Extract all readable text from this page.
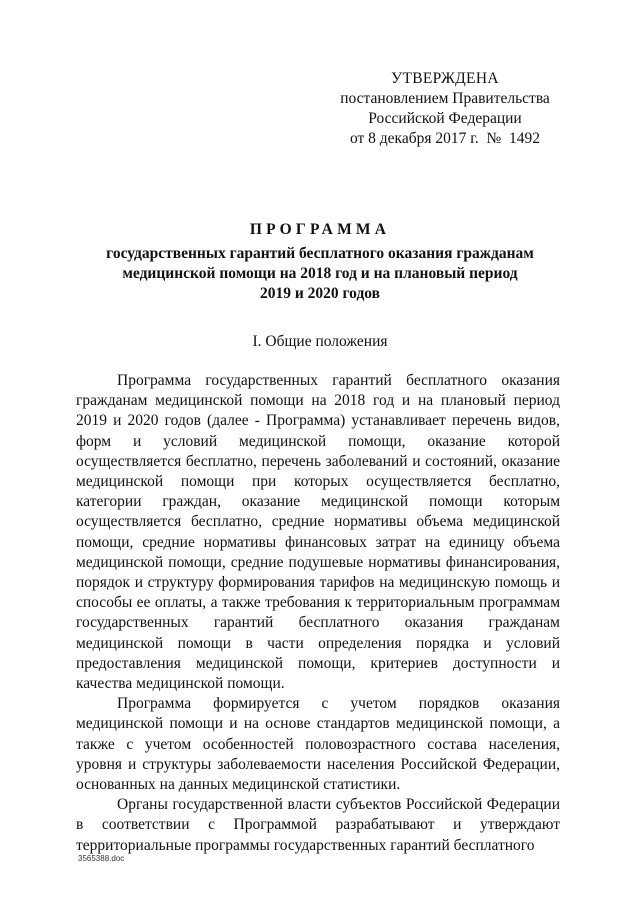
УТВЕРЖДЕНА
постановлением Правительства
Российской Федерации
от 8 декабря 2017 г.  №  1492
ПРОГРАММА
государственных гарантий бесплатного оказания гражданам
медицинской помощи на 2018 год и на плановый период
2019 и 2020 годов
I. Общие положения

Программа государственных гарантий бесплатного оказания гражданам медицинской помощи на 2018 год и на плановый период 2019 и 2020 годов (далее - Программа) устанавливает перечень видов, форм и условий медицинской помощи, оказание которой осуществляется бесплатно, перечень заболеваний и состояний, оказание медицинской помощи при которых осуществляется бесплатно, категории граждан, оказание медицинской помощи которым осуществляется бесплатно, средние нормативы объема медицинской помощи, средние нормативы финансовых затрат на единицу объема медицинской помощи, средние подушевые нормативы финансирования, порядок и структуру формирования тарифов на медицинскую помощь и способы ее оплаты, а также требования к территориальным программам государственных гарантий бесплатного оказания гражданам медицинской помощи в части определения порядка и условий предоставления медицинской помощи, критериев доступности и качества медицинской помощи.

Программа формируется с учетом порядков оказания медицинской помощи и на основе стандартов медицинской помощи, а также с учетом особенностей половозрастного состава населения, уровня и структуры заболеваемости населения Российской Федерации, основанных на данных медицинской статистики.

Органы государственной власти субъектов Российской Федерации в соответствии с Программой разрабатывают и утверждают территориальные программы государственных гарантий бесплатного

3565388.doc
